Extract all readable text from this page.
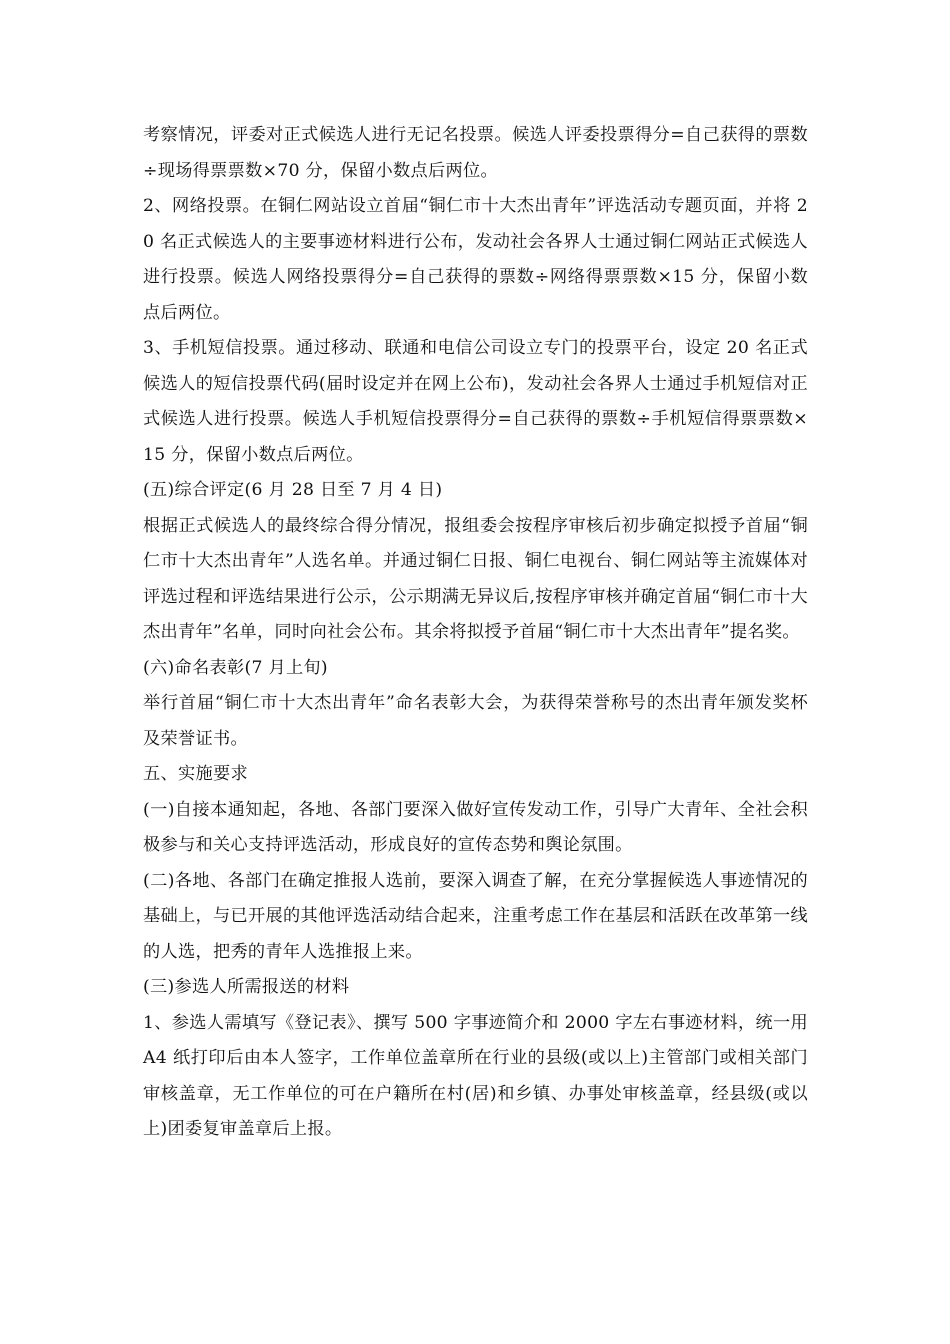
考察情况，评委对正式候选人进行无记名投票。候选人评委投票得分=自己获得的票数÷现场得票票数×70 分，保留小数点后两位。

2、网络投票。在铜仁网站设立首届“铜仁市十大杰出青年”评选活动专题页面，并将 20 名正式候选人的主要事迹材料进行公布，发动社会各界人士通过铜仁网站正式候选人进行投票。候选人网络投票得分=自己获得的票数÷网络得票票数×15 分，保留小数点后两位。

3、手机短信投票。通过移动、联通和电信公司设立专门的投票平台，设定 20 名正式候选人的短信投票代码(届时设定并在网上公布)，发动社会各界人士通过手机短信对正式候选人进行投票。候选人手机短信投票得分=自己获得的票数÷手机短信得票票数×15 分，保留小数点后两位。

(五)综合评定(6 月 28 日至 7 月 4 日)

根据正式候选人的最终综合得分情况，报组委会按程序审核后初步确定拟授予首届“铜仁市十大杰出青年”人选名单。并通过铜仁日报、铜仁电视台、铜仁网站等主流媒体对评选过程和评选结果进行公示，公示期满无异议后,按程序审核并确定首届“铜仁市十大杰出青年”名单，同时向社会公布。其余将拟授予首届“铜仁市十大杰出青年”提名奖。

(六)命名表彰(7 月上旬)

举行首届“铜仁市十大杰出青年”命名表彰大会，为获得荣誉称号的杰出青年颁发奖杯及荣誉证书。

五、实施要求

(一)自接本通知起，各地、各部门要深入做好宣传发动工作，引导广大青年、全社会积极参与和关心支持评选活动，形成良好的宣传态势和舆论氛围。

(二)各地、各部门在确定推报人选前，要深入调查了解，在充分掌握候选人事迹情况的基础上，与已开展的其他评选活动结合起来，注重考虑工作在基层和活跃在改革第一线的人选，把秀的青年人选推报上来。

(三)参选人所需报送的材料

1、参选人需填写《登记表》、撰写 500 字事迹简介和 2000 字左右事迹材料，统一用 A4 纸打印后由本人签字，工作单位盖章所在行业的县级(或以上)主管部门或相关部门审核盖章，无工作单位的可在户籍所在村(居)和乡镇、办事处审核盖章，经县级(或以上)团委复审盖章后上报。
